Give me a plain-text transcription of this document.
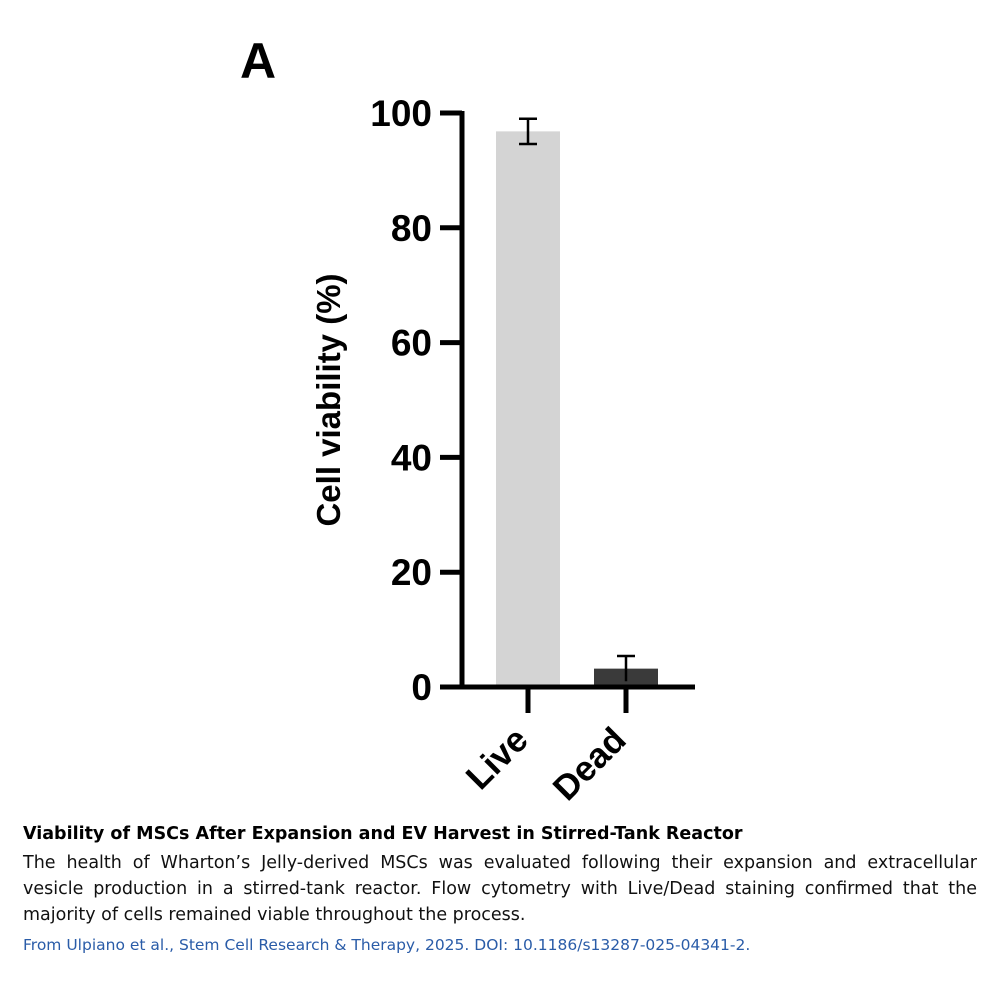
A
Cell viability (%)
0
20
40
60
80
100
Live Dead
Viability of MSCs After Expansion and EV Harvest in Stirred-Tank Reactor

The health of Wharton’s Jelly-derived MSCs was evaluated following their expansion and extracellular vesicle production in a stirred-tank reactor. Flow cytometry with Live/Dead staining confirmed that the majority of cells remained viable throughout the process.

From Ulpiano et al., Stem Cell Research & Therapy, 2025. DOI: 10.1186/s13287-025-04341-2.
